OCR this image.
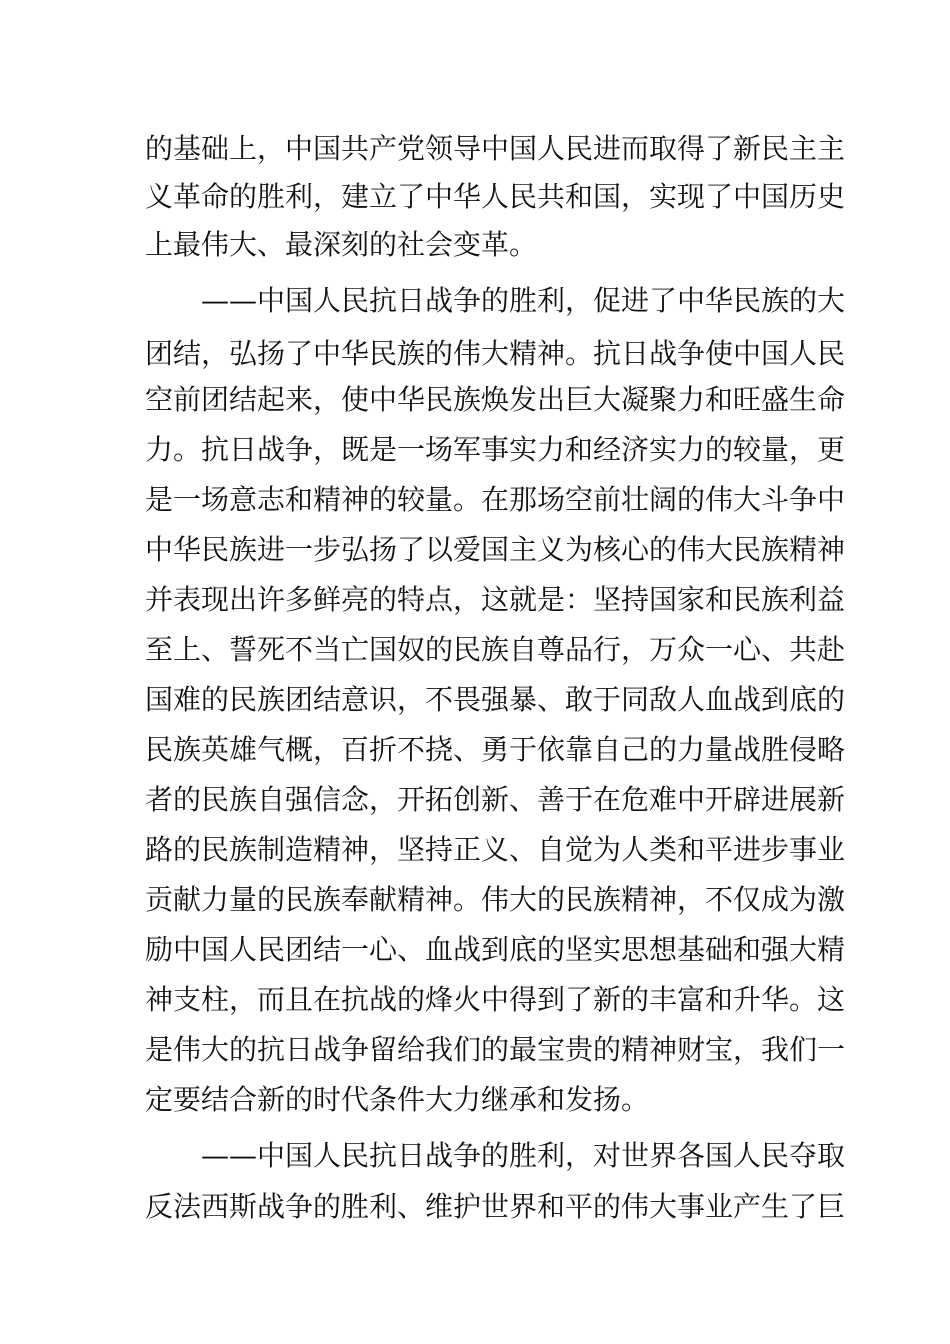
的基础上，中国共产党领导中国人民进而取得了新民主主
义革命的胜利，建立了中华人民共和国，实现了中国历史
上最伟大、最深刻的社会变革。
——中国人民抗日战争的胜利，促进了中华民族的大
团结，弘扬了中华民族的伟大精神。抗日战争使中国人民
空前团结起来，使中华民族焕发出巨大凝聚力和旺盛生命
力。抗日战争，既是一场军事实力和经济实力的较量，更
是一场意志和精神的较量。在那场空前壮阔的伟大斗争中
中华民族进一步弘扬了以爱国主义为核心的伟大民族精神
并表现出许多鲜亮的特点，这就是：坚持国家和民族利益
至上、誓死不当亡国奴的民族自尊品行，万众一心、共赴
国难的民族团结意识，不畏强暴、敢于同敌人血战到底的
民族英雄气概，百折不挠、勇于依靠自己的力量战胜侵略
者的民族自强信念，开拓创新、善于在危难中开辟进展新
路的民族制造精神，坚持正义、自觉为人类和平进步事业
贡献力量的民族奉献精神。伟大的民族精神，不仅成为激
励中国人民团结一心、血战到底的坚实思想基础和强大精
神支柱，而且在抗战的烽火中得到了新的丰富和升华。这
是伟大的抗日战争留给我们的最宝贵的精神财宝，我们一
定要结合新的时代条件大力继承和发扬。
——中国人民抗日战争的胜利，对世界各国人民夺取
反法西斯战争的胜利、维护世界和平的伟大事业产生了巨
